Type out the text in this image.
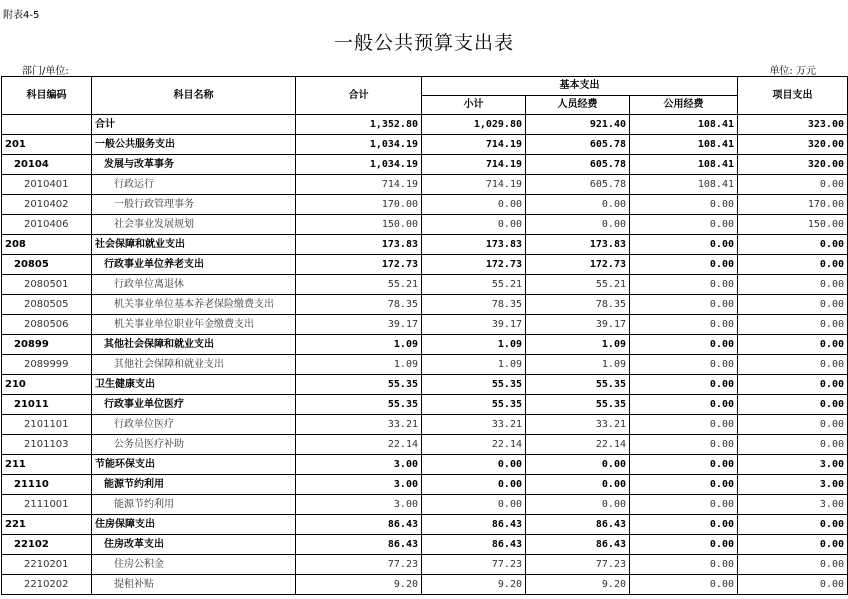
附表4-5
一般公共预算支出表
部门/单位:	单位: 万元
科目编码	科目名称	合计	基本支出			项目支出
			小计	人员经费	公用经费	
	合计	1,352.80	1,029.80	921.40	108.41	323.00
201	一般公共服务支出	1,034.19	714.19	605.78	108.41	320.00
20104	发展与改革事务	1,034.19	714.19	605.78	108.41	320.00
2010401	行政运行	714.19	714.19	605.78	108.41	0.00
2010402	一般行政管理事务	170.00	0.00	0.00	0.00	170.00
2010406	社会事业发展规划	150.00	0.00	0.00	0.00	150.00
208	社会保障和就业支出	173.83	173.83	173.83	0.00	0.00
20805	行政事业单位养老支出	172.73	172.73	172.73	0.00	0.00
2080501	行政单位离退休	55.21	55.21	55.21	0.00	0.00
2080505	机关事业单位基本养老保险缴费支出	78.35	78.35	78.35	0.00	0.00
2080506	机关事业单位职业年金缴费支出	39.17	39.17	39.17	0.00	0.00
20899	其他社会保障和就业支出	1.09	1.09	1.09	0.00	0.00
2089999	其他社会保障和就业支出	1.09	1.09	1.09	0.00	0.00
210	卫生健康支出	55.35	55.35	55.35	0.00	0.00
21011	行政事业单位医疗	55.35	55.35	55.35	0.00	0.00
2101101	行政单位医疗	33.21	33.21	33.21	0.00	0.00
2101103	公务员医疗补助	22.14	22.14	22.14	0.00	0.00
211	节能环保支出	3.00	0.00	0.00	0.00	3.00
21110	能源节约利用	3.00	0.00	0.00	0.00	3.00
2111001	能源节约利用	3.00	0.00	0.00	0.00	3.00
221	住房保障支出	86.43	86.43	86.43	0.00	0.00
22102	住房改革支出	86.43	86.43	86.43	0.00	0.00
2210201	住房公积金	77.23	77.23	77.23	0.00	0.00
2210202	提租补贴	9.20	9.20	9.20	0.00	0.00
